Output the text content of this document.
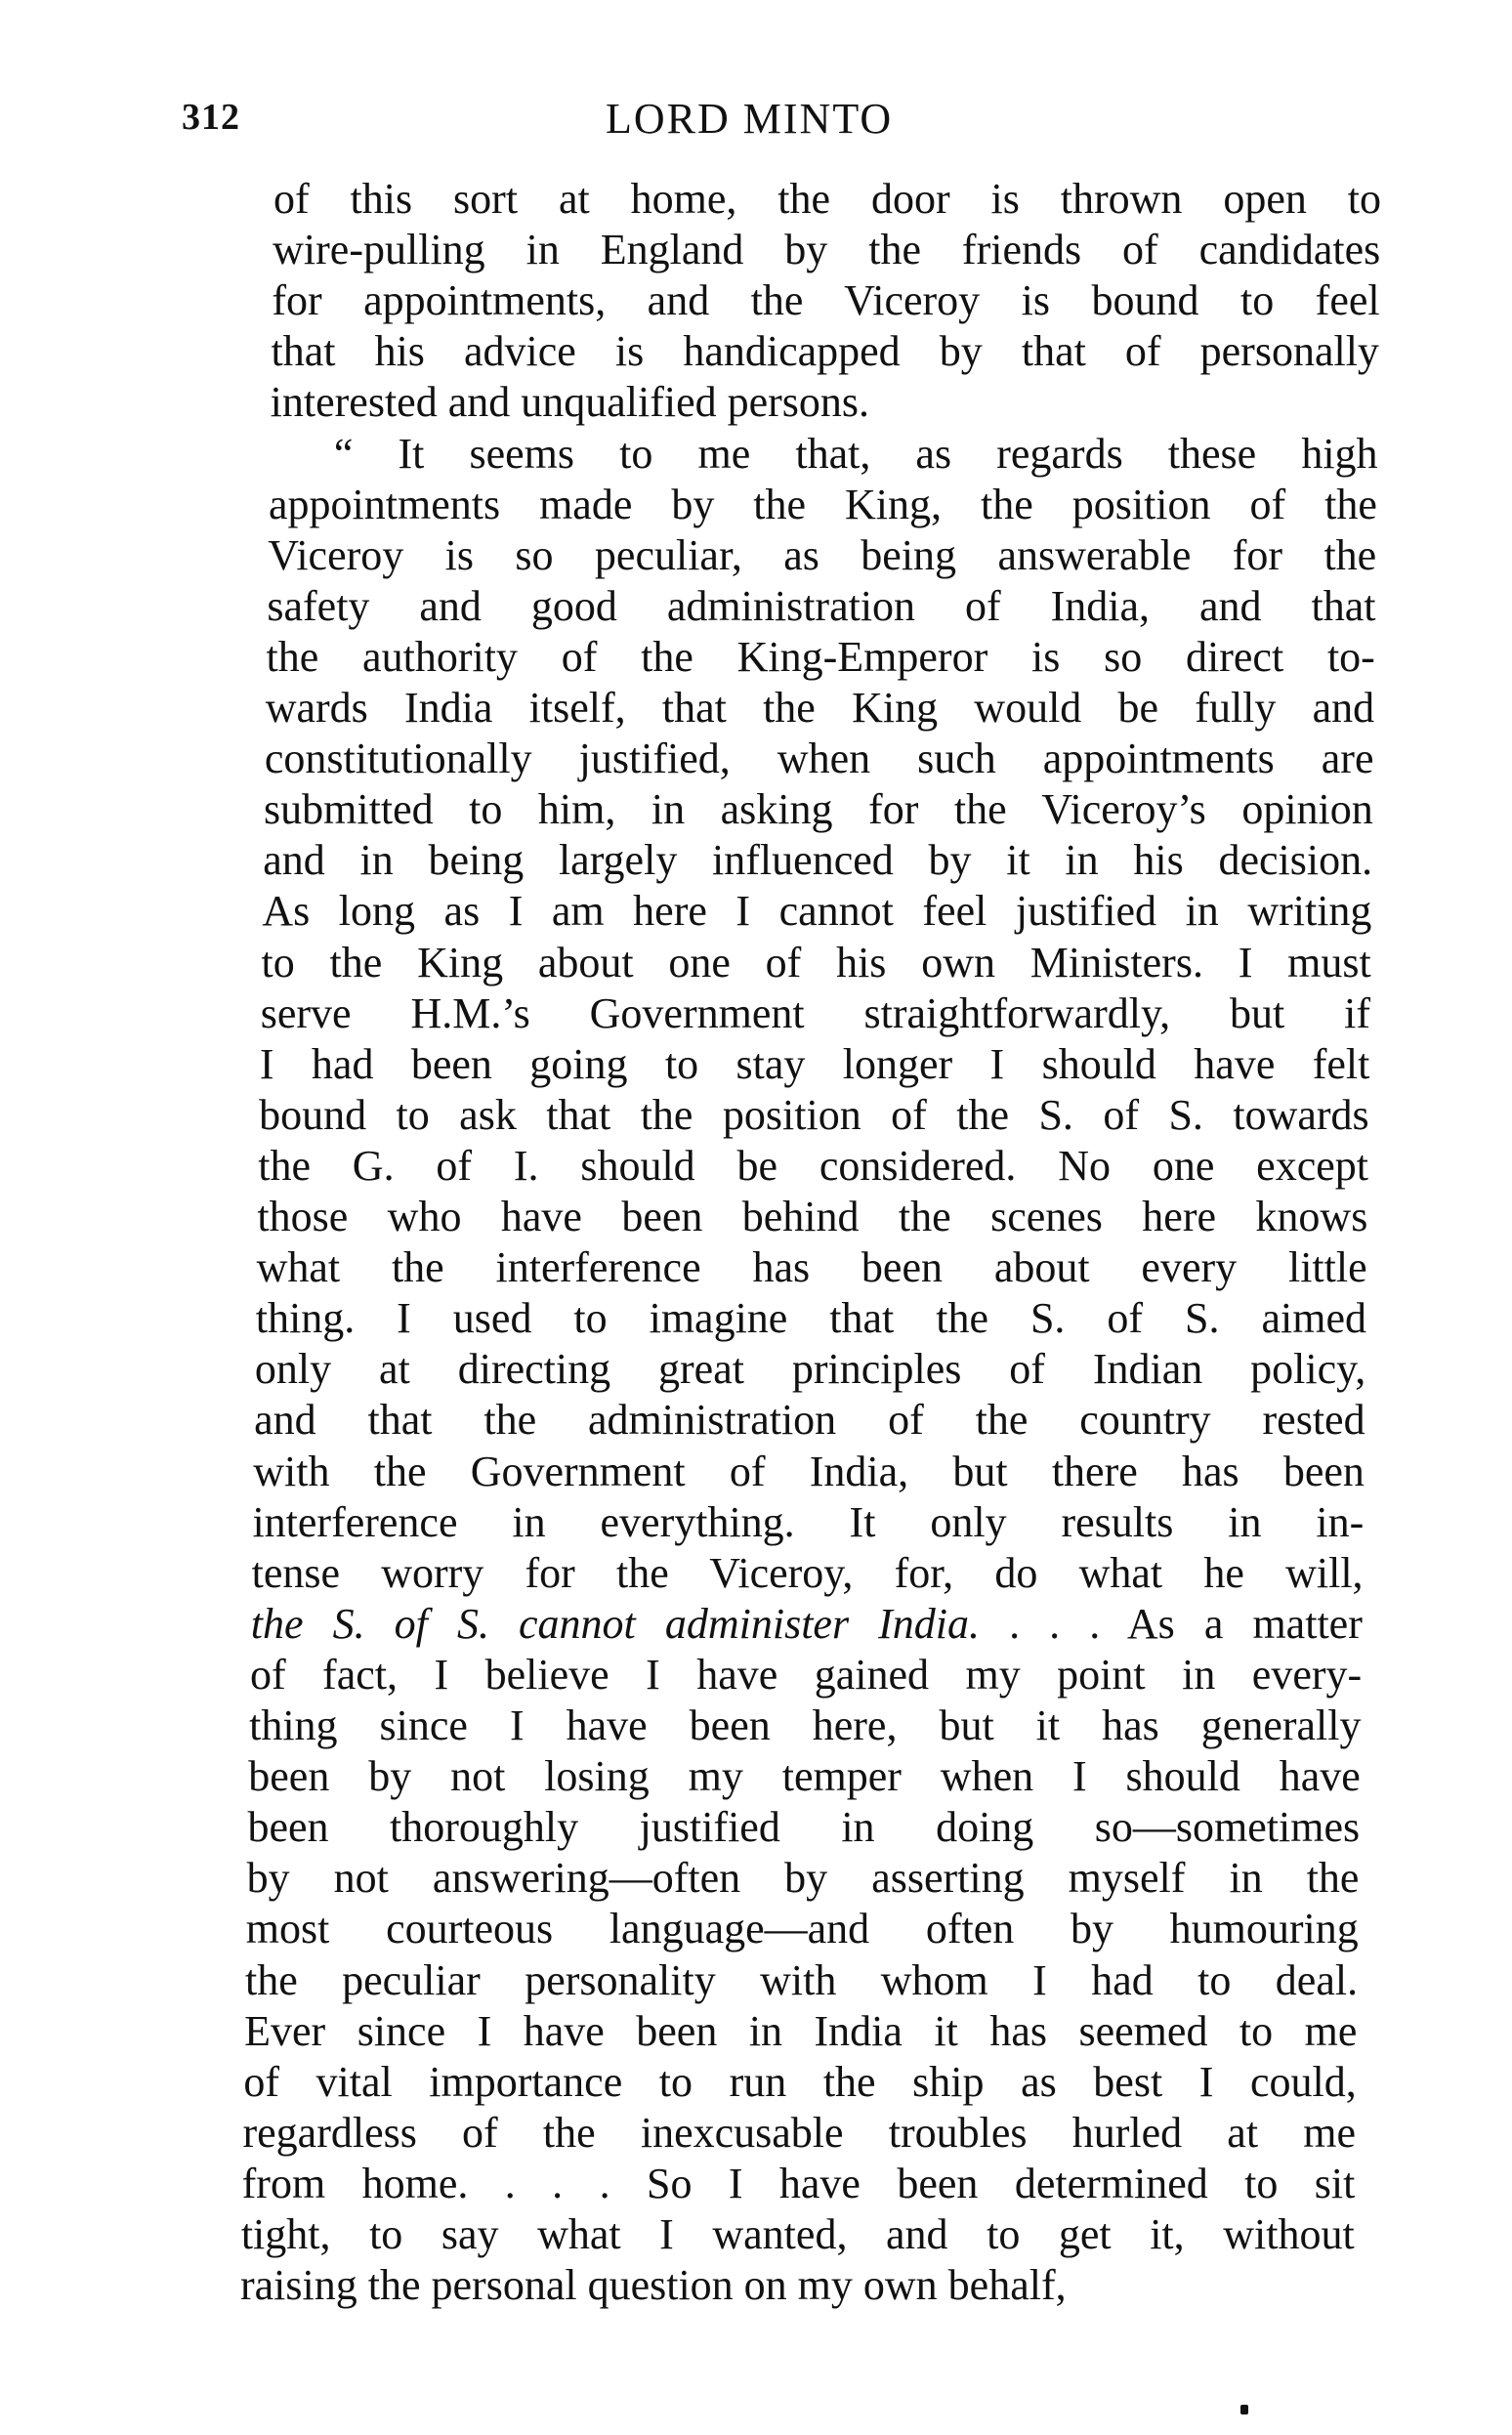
312	LORD MINTO
of this sort at home, the door is thrown open to
wire-pulling in England by the friends of candidates
for appointments, and the Viceroy is bound to feel
that his advice is handicapped by that of personally
interested and unqualified persons.
“ It seems to me that, as regards these high
appointments made by the King, the position of the
Viceroy is so peculiar, as being answerable for the
safety and good administration of India, and that
the authority of the King-Emperor is so direct to-
wards India itself, that the King would be fully and
constitutionally justified, when such appointments are
submitted to him, in asking for the Viceroy’s opinion
and in being largely influenced by it in his decision.
As long as I am here I cannot feel justified in writing
to the King about one of his own Ministers. I must
serve H.M.’s Government straightforwardly, but if
I had been going to stay longer I should have felt
bound to ask that the position of the S. of S. towards
the G. of I. should be considered. No one except
those who have been behind the scenes here knows
what the interference has been about every little
thing. I used to imagine that the S. of S. aimed
only at directing great principles of Indian policy,
and that the administration of the country rested
with the Government of India, but there has been
interference in everything. It only results in in-
tense worry for the Viceroy, for, do what he will,
the S. of S. cannot administer India. . . . As a matter
of fact, I believe I have gained my point in every-
thing since I have been here, but it has generally
been by not losing my temper when I should have
been thoroughly justified in doing so—sometimes
by not answering—often by asserting myself in the
most courteous language—and often by humouring
the peculiar personality with whom I had to deal.
Ever since I have been in India it has seemed to me
of vital importance to run the ship as best I could,
regardless of the inexcusable troubles hurled at me
from home. . . . So I have been determined to sit
tight, to say what I wanted, and to get it, without
raising the personal question on my own behalf,
